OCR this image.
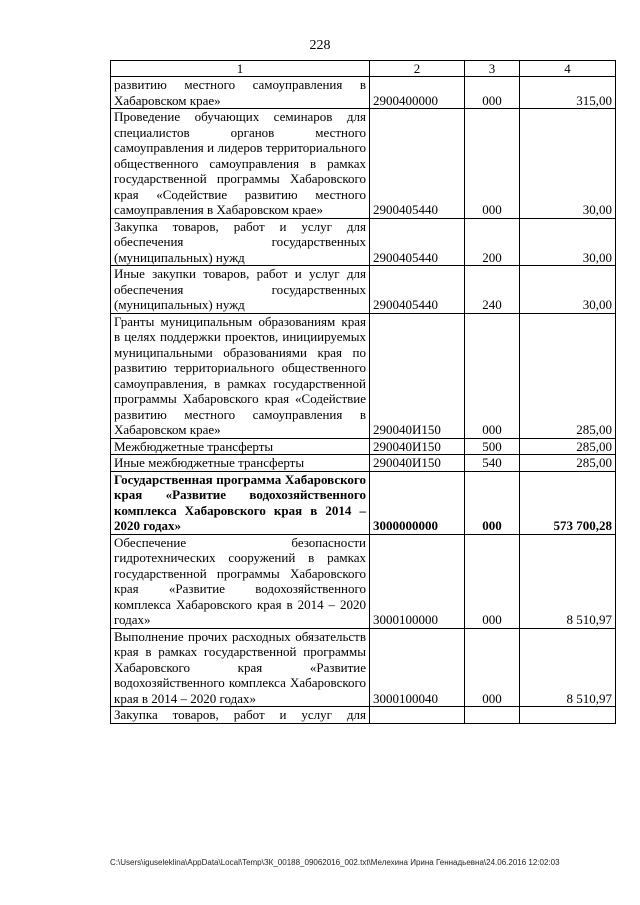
228
1	2	3	4
развитию местного самоуправления в Хабаровском крае»	2900400000	000	315,00
Проведение обучающих семинаров для специалистов органов местного самоуправления и лидеров территориального общественного самоуправления в рамках государственной программы Хабаровского края «Содействие развитию местного самоуправления в Хабаровском крае»	2900405440	000	30,00
Закупка товаров, работ и услуг для обеспечения государственных (муниципальных) нужд	2900405440	200	30,00
Иные закупки товаров, работ и услуг для обеспечения государственных (муниципальных) нужд	2900405440	240	30,00
Гранты муниципальным образованиям края в целях поддержки проектов, инициируемых муниципальными образованиями края по развитию территориального общественного самоуправления, в рамках государственной программы Хабаровского края «Содействие развитию местного самоуправления в Хабаровском крае»	290040И150	000	285,00
Межбюджетные трансферты	290040И150	500	285,00
Иные межбюджетные трансферты	290040И150	540	285,00
Государственная программа Хабаровского края «Развитие водохозяйственного комплекса Хабаровского края в 2014 – 2020 годах»	3000000000	000	573 700,28
Обеспечение безопасности гидротехнических сооружений в рамках государственной программы Хабаровского края «Развитие водохозяйственного комплекса Хабаровского края в 2014 – 2020 годах»	3000100000	000	8 510,97
Выполнение прочих расходных обязательств края в рамках государственной программы Хабаровского края «Развитие водохозяйственного комплекса Хабаровского края в 2014 – 2020 годах»	3000100040	000	8 510,97
Закупка товаров, работ и услуг для			
C:\Users\iguseleklina\AppData\Local\Temp\ЗК_00188_09062016_002.txt\Мелехина Ирина Геннадьевна\24.06.2016 12:02:03
